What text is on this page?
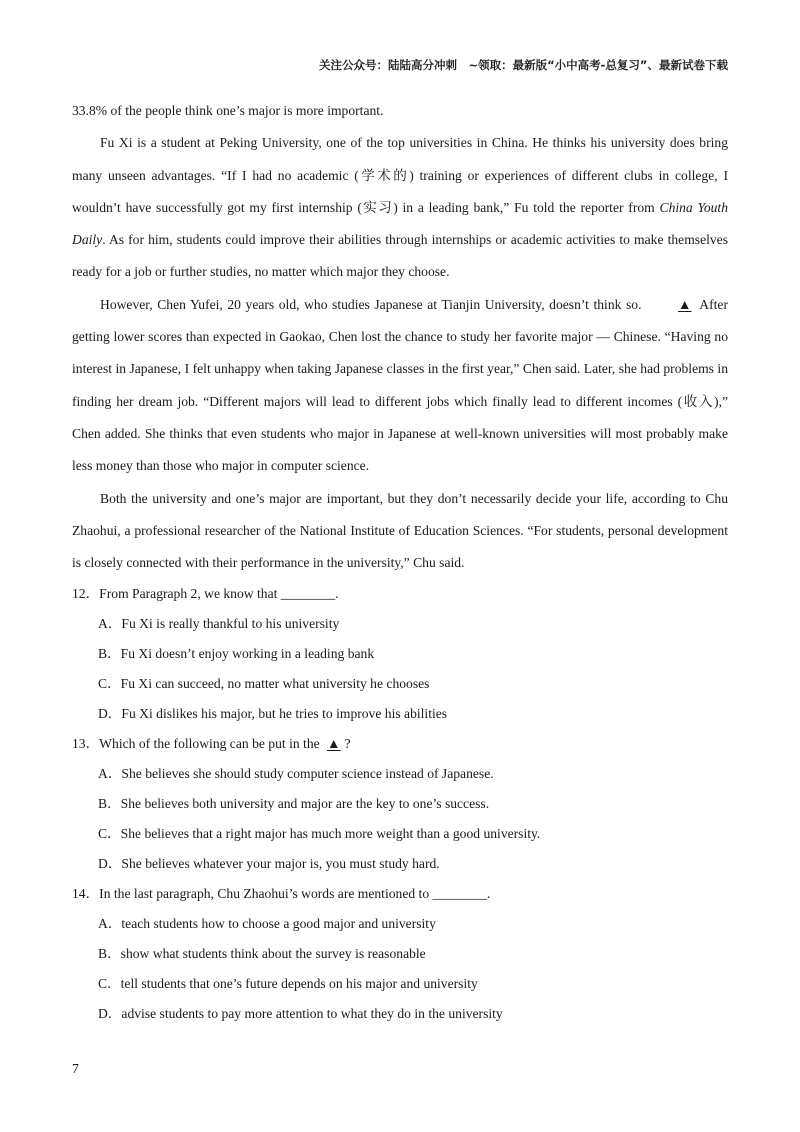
关注公众号：陆陆高分冲刺　~领取：最新版“小中高考-总复习”、最新试卷下载

33.8% of the people think one’s major is more important.

Fu Xi is a student at Peking University, one of the top universities in China. He thinks his university does bring many unseen advantages. “If I had no academic (学术的) training or experiences of different clubs in college, I wouldn’t have successfully got my first internship (实习) in a leading bank,” Fu told the reporter from China Youth Daily. As for him, students could improve their abilities through internships or academic activities to make themselves ready for a job or further studies, no matter which major they choose.

However, Chen Yufei, 20 years old, who studies Japanese at Tianjin University, doesn’t think so. ▲ After getting lower scores than expected in Gaokao, Chen lost the chance to study her favorite major — Chinese. “Having no interest in Japanese, I felt unhappy when taking Japanese classes in the first year,” Chen said. Later, she had problems in finding her dream job. “Different majors will lead to different jobs which finally lead to different incomes (收入),” Chen added. She thinks that even students who major in Japanese at well-known universities will most probably make less money than those who major in computer science.

Both the university and one’s major are important, but they don’t necessarily decide your life, according to Chu Zhaohui, a professional researcher of the National Institute of Education Sciences. “For students, personal development is closely connected with their performance in the university,” Chu said.

12．From Paragraph 2, we know that ________.

A．Fu Xi is really thankful to his university

B．Fu Xi doesn’t enjoy working in a leading bank

C．Fu Xi can succeed, no matter what university he chooses

D．Fu Xi dislikes his major, but he tries to improve his abilities

13．Which of the following can be put in the ▲ ?

A．She believes she should study computer science instead of Japanese.

B．She believes both university and major are the key to one’s success.

C．She believes that a right major has much more weight than a good university.

D．She believes whatever your major is, you must study hard.

14．In the last paragraph, Chu Zhaohui’s words are mentioned to ________.

A．teach students how to choose a good major and university

B．show what students think about the survey is reasonable

C．tell students that one’s future depends on his major and university

D．advise students to pay more attention to what they do in the university

7
